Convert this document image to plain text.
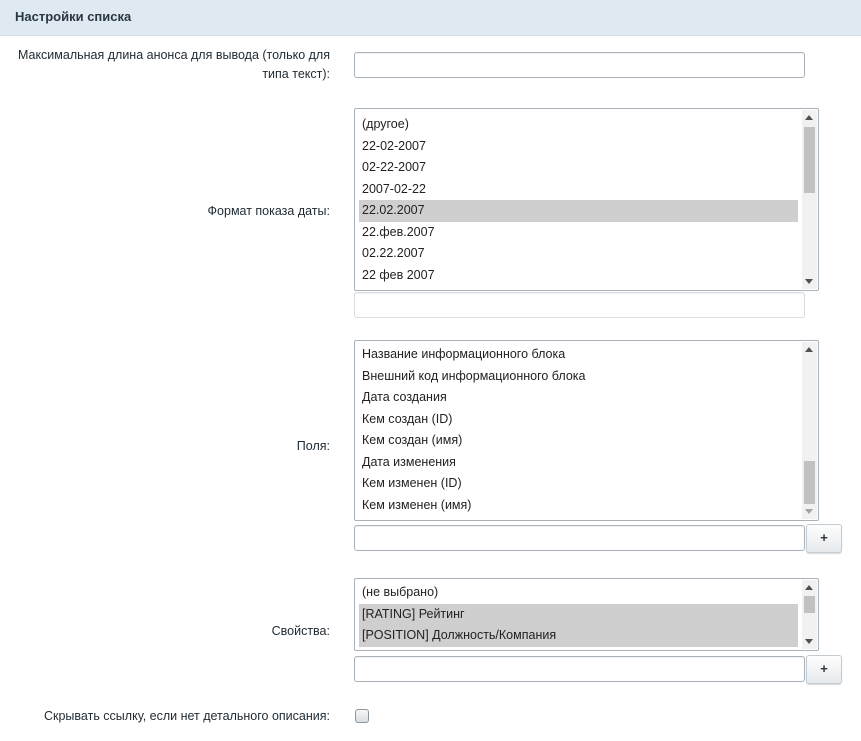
Настройки списка
Максимальная длина анонса для вывода (только для
типа текст):
Формат показа даты:
(другое)
22-02-2007
02-22-2007
2007-02-22
22.02.2007
22.фев.2007
02.22.2007
22 фев 2007
Поля:
Название информационного блока
Внешний код информационного блока
Дата создания
Кем создан (ID)
Кем создан (имя)
Дата изменения
Кем изменен (ID)
Кем изменен (имя)
+
Свойства:
(не выбрано)
[RATING] Рейтинг
[POSITION] Должность/Компания
+
Скрывать ссылку, если нет детального описания:
